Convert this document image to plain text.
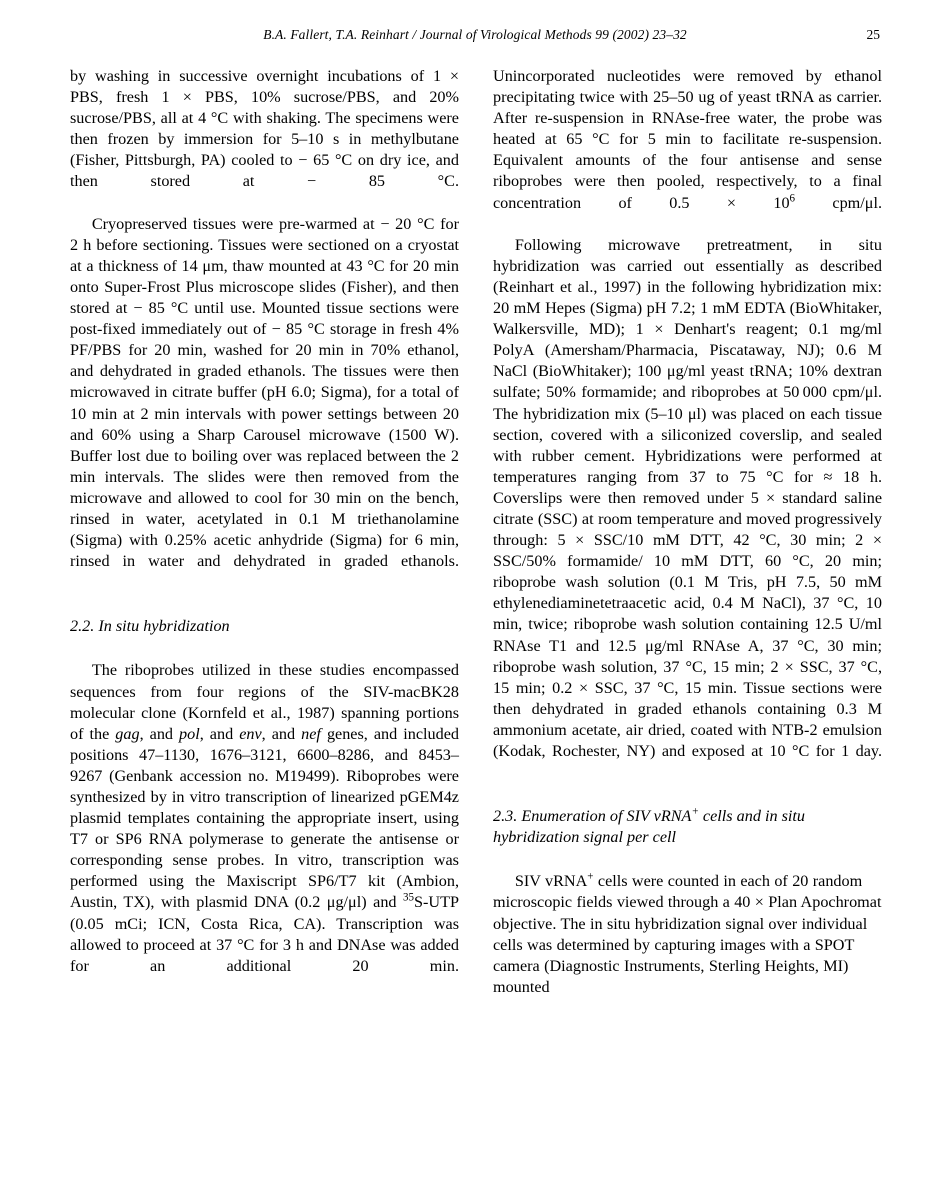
B.A. Fallert, T.A. Reinhart / Journal of Virological Methods 99 (2002) 23–32	25

by washing in successive overnight incubations of 1 × PBS, fresh 1 × PBS, 10% sucrose/PBS, and 20% sucrose/PBS, all at 4 °C with shaking. The specimens were then frozen by immersion for 5–10 s in methylbutane (Fisher, Pittsburgh, PA) cooled to − 65 °C on dry ice, and then stored at − 85 °C.

Cryopreserved tissues were pre-warmed at − 20 °C for 2 h before sectioning. Tissues were sectioned on a cryostat at a thickness of 14 μm, thaw mounted at 43 °C for 20 min onto Super-Frost Plus microscope slides (Fisher), and then stored at − 85 °C until use. Mounted tissue sections were post-fixed immediately out of − 85 °C storage in fresh 4% PF/PBS for 20 min, washed for 20 min in 70% ethanol, and dehydrated in graded ethanols. The tissues were then microwaved in citrate buffer (pH 6.0; Sigma), for a total of 10 min at 2 min intervals with power settings between 20 and 60% using a Sharp Carousel microwave (1500 W). Buffer lost due to boiling over was replaced between the 2 min intervals. The slides were then removed from the microwave and allowed to cool for 30 min on the bench, rinsed in water, acetylated in 0.1 M triethanolamine (Sigma) with 0.25% acetic anhydride (Sigma) for 6 min, rinsed in water and dehydrated in graded ethanols.

2.2. In situ hybridization

The riboprobes utilized in these studies encompassed sequences from four regions of the SIV-macBK28 molecular clone (Kornfeld et al., 1987) spanning portions of the gag, and pol, and env, and nef genes, and included positions 47–1130, 1676–3121, 6600–8286, and 8453–9267 (Genbank accession no. M19499). Riboprobes were synthesized by in vitro transcription of linearized pGEM4z plasmid templates containing the appropriate insert, using T7 or SP6 RNA polymerase to generate the antisense or corresponding sense probes. In vitro, transcription was performed using the Maxiscript SP6/T7 kit (Ambion, Austin, TX), with plasmid DNA (0.2 μg/μl) and $^{35}$S-UTP (0.05 mCi; ICN, Costa Rica, CA). Transcription was allowed to proceed at 37 °C for 3 h and DNAse was added for an additional 20 min.

Unincorporated nucleotides were removed by ethanol precipitating twice with 25–50 ug of yeast tRNA as carrier. After re-suspension in RNAse-free water, the probe was heated at 65 °C for 5 min to facilitate re-suspension. Equivalent amounts of the four antisense and sense riboprobes were then pooled, respectively, to a final concentration of $0.5 \times 10^6$ cpm/μl.

Following microwave pretreatment, in situ hybridization was carried out essentially as described (Reinhart et al., 1997) in the following hybridization mix: 20 mM Hepes (Sigma) pH 7.2; 1 mM EDTA (BioWhitaker, Walkersville, MD); 1 × Denhart's reagent; 0.1 mg/ml PolyA (Amersham/Pharmacia, Piscataway, NJ); 0.6 M NaCl (BioWhitaker); 100 μg/ml yeast tRNA; 10% dextran sulfate; 50% formamide; and riboprobes at 50 000 cpm/μl. The hybridization mix (5–10 μl) was placed on each tissue section, covered with a siliconized coverslip, and sealed with rubber cement. Hybridizations were performed at temperatures ranging from 37 to 75 °C for ≈ 18 h. Coverslips were then removed under 5 × standard saline citrate (SSC) at room temperature and moved progressively through: 5 × SSC/10 mM DTT, 42 °C, 30 min; 2 × SSC/50% formamide/ 10 mM DTT, 60 °C, 20 min; riboprobe wash solution (0.1 M Tris, pH 7.5, 50 mM ethylenediaminetetraacetic acid, 0.4 M NaCl), 37 °C, 10 min, twice; riboprobe wash solution containing 12.5 U/ml RNAse T1 and 12.5 μg/ml RNAse A, 37 °C, 30 min; riboprobe wash solution, 37 °C, 15 min; 2 × SSC, 37 °C, 15 min; 0.2 × SSC, 37 °C, 15 min. Tissue sections were then dehydrated in graded ethanols containing 0.3 M ammonium acetate, air dried, coated with NTB-2 emulsion (Kodak, Rochester, NY) and exposed at 10 °C for 1 day.

2.3. Enumeration of SIV vRNA+ cells and in situ hybridization signal per cell

SIV vRNA+ cells were counted in each of 20 random microscopic fields viewed through a 40 × Plan Apochromat objective. The in situ hybridization signal over individual cells was determined by capturing images with a SPOT camera (Diagnostic Instruments, Sterling Heights, MI) mounted
